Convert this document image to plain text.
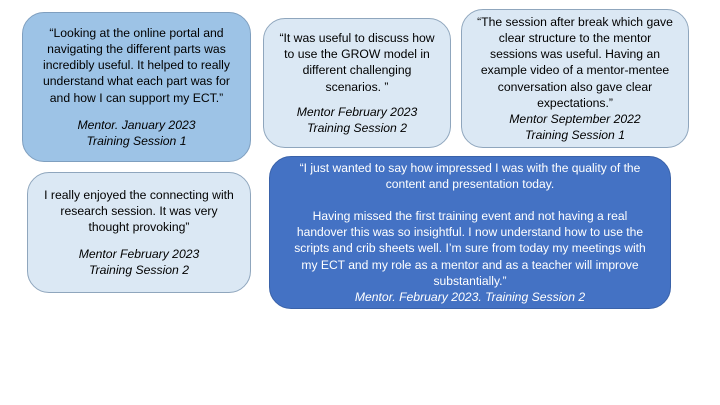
“Looking at the online portal and
navigating the different parts was
incredibly useful. It helped to really
understand what each part was for
and how I can support my ECT.”
Mentor. January 2023
Training Session 1
“It was useful to discuss how
to use the GROW model in
different challenging
scenarios. ”
Mentor February 2023
Training Session 2
“The session after break which gave
clear structure to the mentor
sessions was useful. Having an
example video of a mentor-mentee
conversation also gave clear
expectations.”
Mentor September 2022
Training Session 1
I really enjoyed the connecting with
research session. It was very
thought provoking”
Mentor February 2023
Training Session 2
“I just wanted to say how impressed I was with the quality of the
content and presentation today.

Having missed the first training event and not having a real
handover this was so insightful. I now understand how to use the
scripts and crib sheets well. I’m sure from today my meetings with
my ECT and my role as a mentor and as a teacher will improve
substantially.”
Mentor. February 2023. Training Session 2
